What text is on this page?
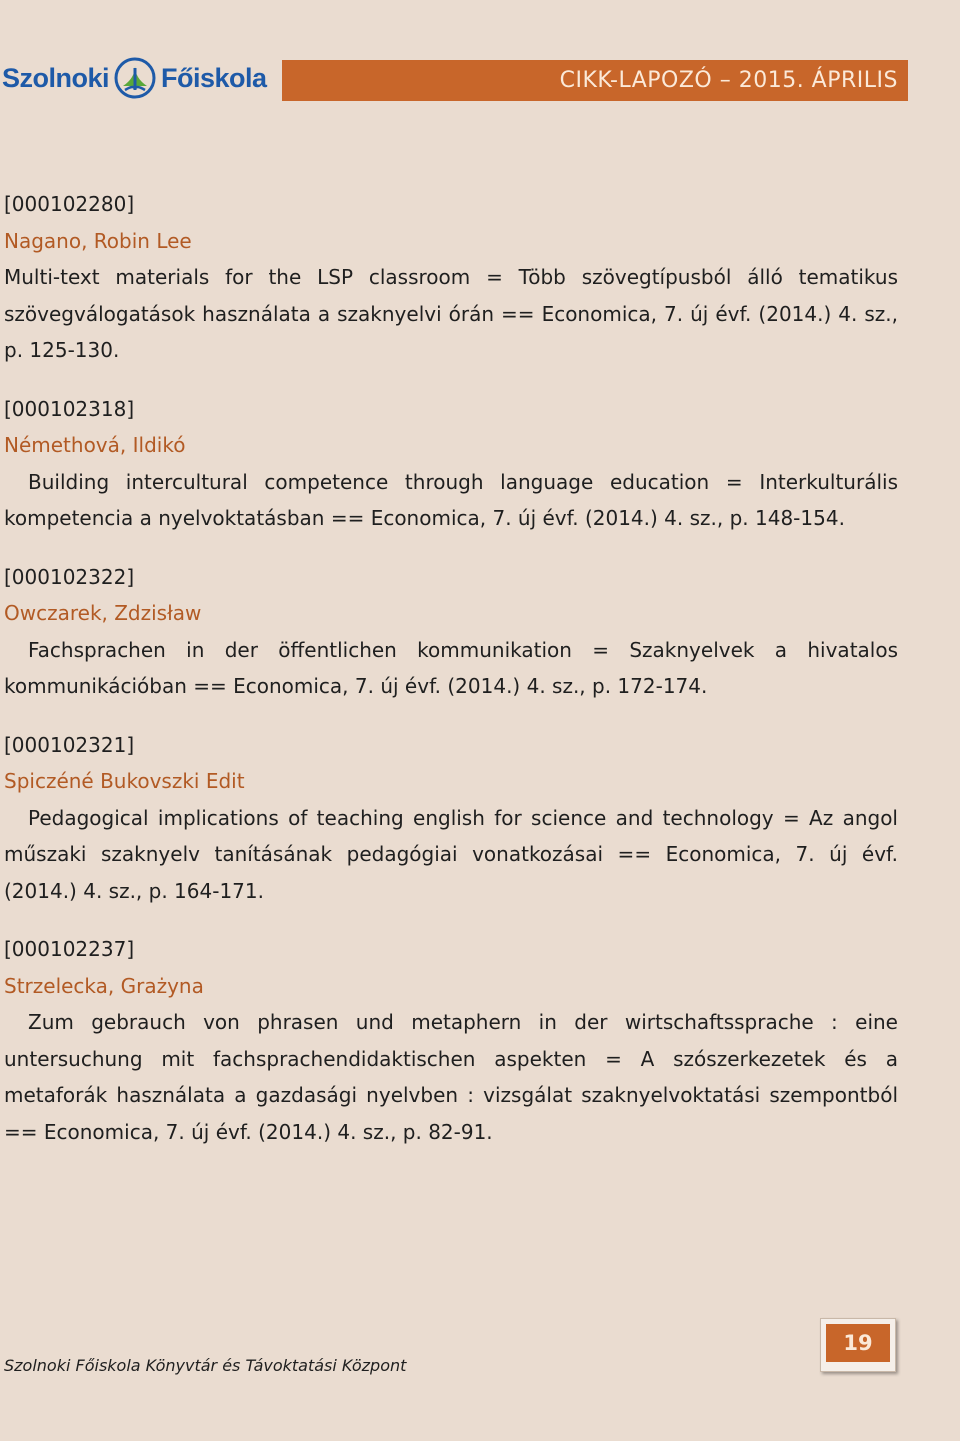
Szolnoki Főiskola	CIKK-LAPOZÓ – 2015. ÁPRILIS
[000102280]
Nagano, Robin Lee
Multi-text materials for the LSP classroom = Több szövegtípusból álló tematikus szövegválogatások használata a szaknyelvi órán == Economica, 7. új évf. (2014.) 4. sz., p. 125-130.
[000102318]
Némethová, Ildikó
Building intercultural competence through language education = Interkulturális kompetencia a nyelvoktatásban == Economica, 7. új évf. (2014.) 4. sz., p. 148-154.
[000102322]
Owczarek, Zdzisław
Fachsprachen in der öffentlichen kommunikation = Szaknyelvek a hivatalos kommunikációban == Economica, 7. új évf. (2014.) 4. sz., p. 172-174.
[000102321]
Spiczéné Bukovszki Edit
Pedagogical implications of teaching english for science and technology = Az angol műszaki szaknyelv tanításának pedagógiai vonatkozásai == Economica, 7. új évf. (2014.) 4. sz., p. 164-171.
[000102237]
Strzelecka, Grażyna
Zum gebrauch von phrasen und metaphern in der wirtschaftssprache : eine untersuchung mit fachsprachendidaktischen aspekten = A szószerkezetek és a metaforák használata a gazdasági nyelvben : vizsgálat szaknyelvoktatási szempontból == Economica, 7. új évf. (2014.) 4. sz., p. 82-91.
Szolnoki Főiskola Könyvtár és Távoktatási Központ
19
